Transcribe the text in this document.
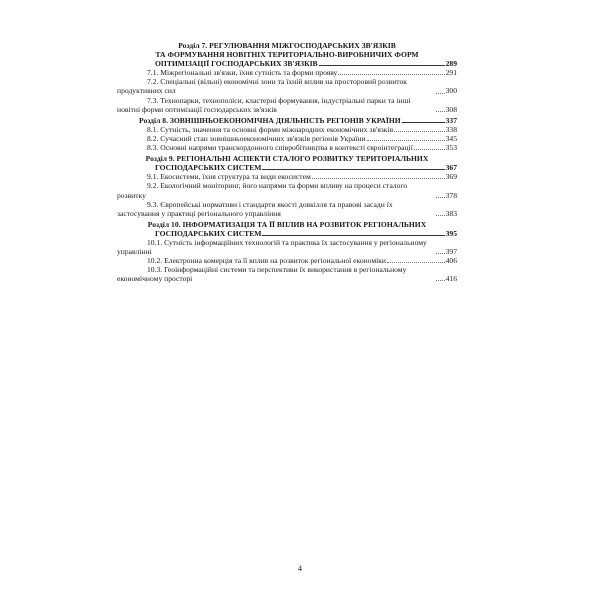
Розділ 7. РЕГУЛЮВАННЯ МІЖГОСПОДАРСЬКИХ ЗВ'ЯЗКІВ
ТА ФОРМУВАННЯ НОВІТНІХ ТЕРИТОРІАЛЬНО-ВИРОБНИЧИХ ФОРМ
ОПТИМІЗАЦІЇ ГОСПОДАРСЬКИХ ЗВ'ЯЗКІВ	289
7.1. Міжрегіональні зв'язки, їхня сутність та форми прояву	291
7.2. Спеціальні (вільні) економічні зони та їхній вплив на просторовий розвиток продуктивних сил	300
7.3. Технопарки, технополіси, кластерні формування, індустріальні парки та інші новітні форми оптимізації господарських зв'язків	308
Розділ 8. ЗОВНІШНЬОЕКОНОМІЧНА ДІЯЛЬНІСТЬ РЕГІОНІВ УКРАЇНИ	337
8.1. Сутність, значення та основні форми міжнародних економічних зв'язків	338
8.2. Сучасний стан зовнішньоекономічних зв'язків регіонів України	345
8.3. Основні напрями транскордонного співробітництва в контексті євроінтеграції	353
Розділ 9. РЕГІОНАЛЬНІ АСПЕКТИ СТАЛОГО РОЗВИТКУ ТЕРИТОРІАЛЬНИХ
ГОСПОДАРСЬКИХ СИСТЕМ	367
9.1. Екосистеми, їхня структура та види екосистем	369
9.2. Екологічний моніторинг, його напрями та форми впливу на процеси сталого розвитку	378
9.3. Європейські нормативи і стандарти якості довкілля та правові засади їх застосування у практиці регіонального управління	383
Розділ 10. ІНФОРМАТИЗАЦІЯ ТА ЇЇ ВПЛИВ НА РОЗВИТОК РЕГІОНАЛЬНИХ
ГОСПОДАРСЬКИХ СИСТЕМ	395
10.1. Сутність інформаційних технологій та практика їх застосування у регіональному управлінні	397
10.2. Електронна комерція та її вплив на розвиток регіональної економіки	406
10.3. Геоінформаційні системи та перспективи їх використання в регіональному економічному просторі	416
4
